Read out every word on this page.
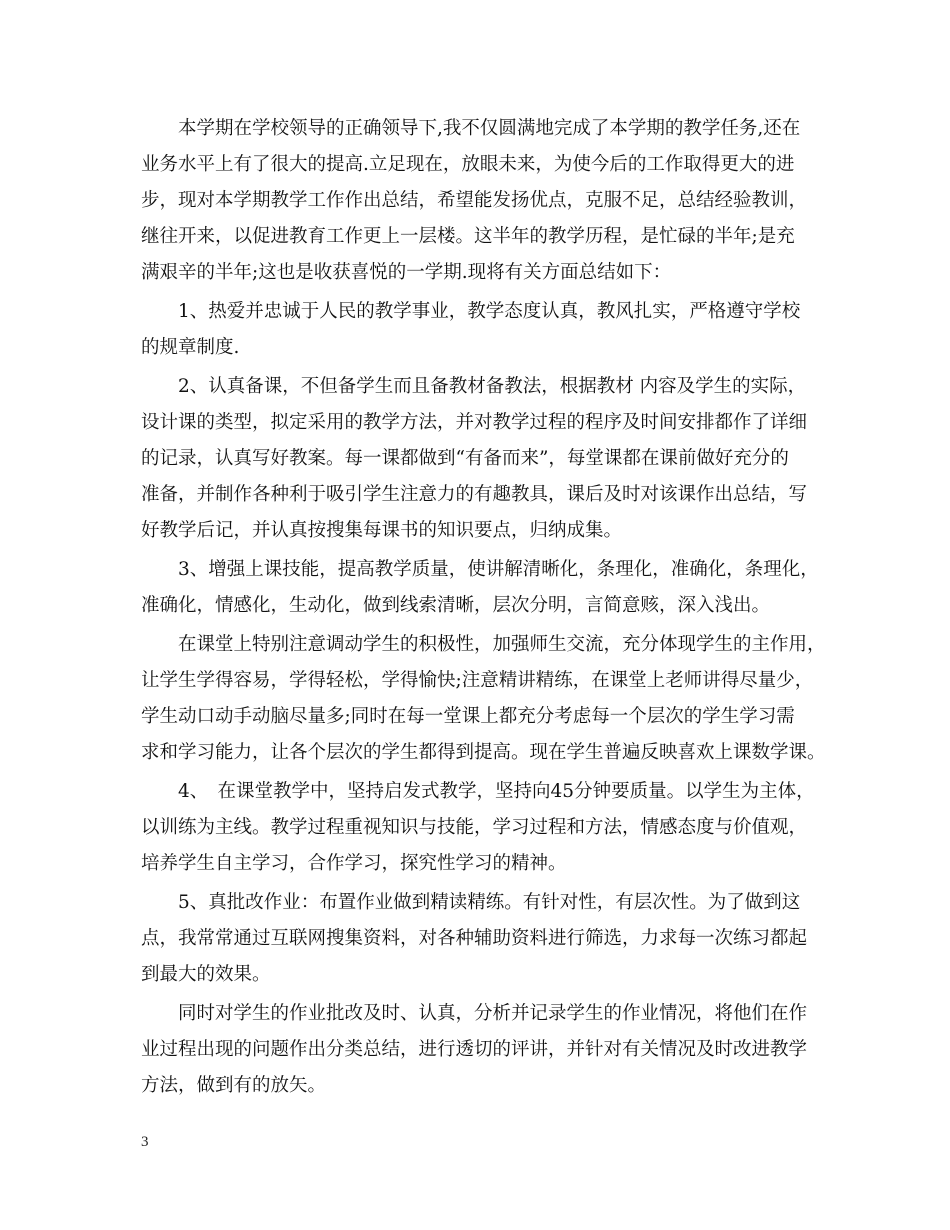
　　本学期在学校领导的正确领导下,我不仅圆满地完成了本学期的教学任务,还在
业务水平上有了很大的提高.立足现在，放眼未来，为使今后的工作取得更大的进
步，现对本学期教学工作作出总结，希望能发扬优点，克服不足，总结经验教训，
继往开来，以促进教育工作更上一层楼。这半年的教学历程，是忙碌的半年;是充
满艰辛的半年;这也是收获喜悦的一学期.现将有关方面总结如下：
　　1、热爱并忠诚于人民的教学事业，教学态度认真，教风扎实，严格遵守学校
的规章制度.
　　2、认真备课，不但备学生而且备教材备教法，根据教材 内容及学生的实际，
设计课的类型，拟定采用的教学方法，并对教学过程的程序及时间安排都作了详细
的记录，认真写好教案。每一课都做到“有备而来”，每堂课都在课前做好充分的
准备，并制作各种利于吸引学生注意力的有趣教具，课后及时对该课作出总结，写
好教学后记，并认真按搜集每课书的知识要点，归纳成集。
　　3、增强上课技能，提高教学质量，使讲解清晰化，条理化，准确化，条理化，
准确化，情感化，生动化，做到线索清晰，层次分明，言简意赅，深入浅出。
　　在课堂上特别注意调动学生的积极性，加强师生交流，充分体现学生的主作用，
让学生学得容易，学得轻松，学得愉快;注意精讲精练，在课堂上老师讲得尽量少，
学生动口动手动脑尽量多;同时在每一堂课上都充分考虑每一个层次的学生学习需
求和学习能力，让各个层次的学生都得到提高。现在学生普遍反映喜欢上课数学课。
　　4、　在课堂教学中，坚持启发式教学，坚持向45分钟要质量。以学生为主体，
以训练为主线。教学过程重视知识与技能，学习过程和方法，情感态度与价值观，
培养学生自主学习，合作学习，探究性学习的精神。
　　5、真批改作业：布置作业做到精读精练。有针对性，有层次性。为了做到这
点，我常常通过互联网搜集资料，对各种辅助资料进行筛选，力求每一次练习都起
到最大的效果。
　　同时对学生的作业批改及时、认真，分析并记录学生的作业情况，将他们在作
业过程出现的问题作出分类总结，进行透切的评讲，并针对有关情况及时改进教学
方法，做到有的放矢。
3
